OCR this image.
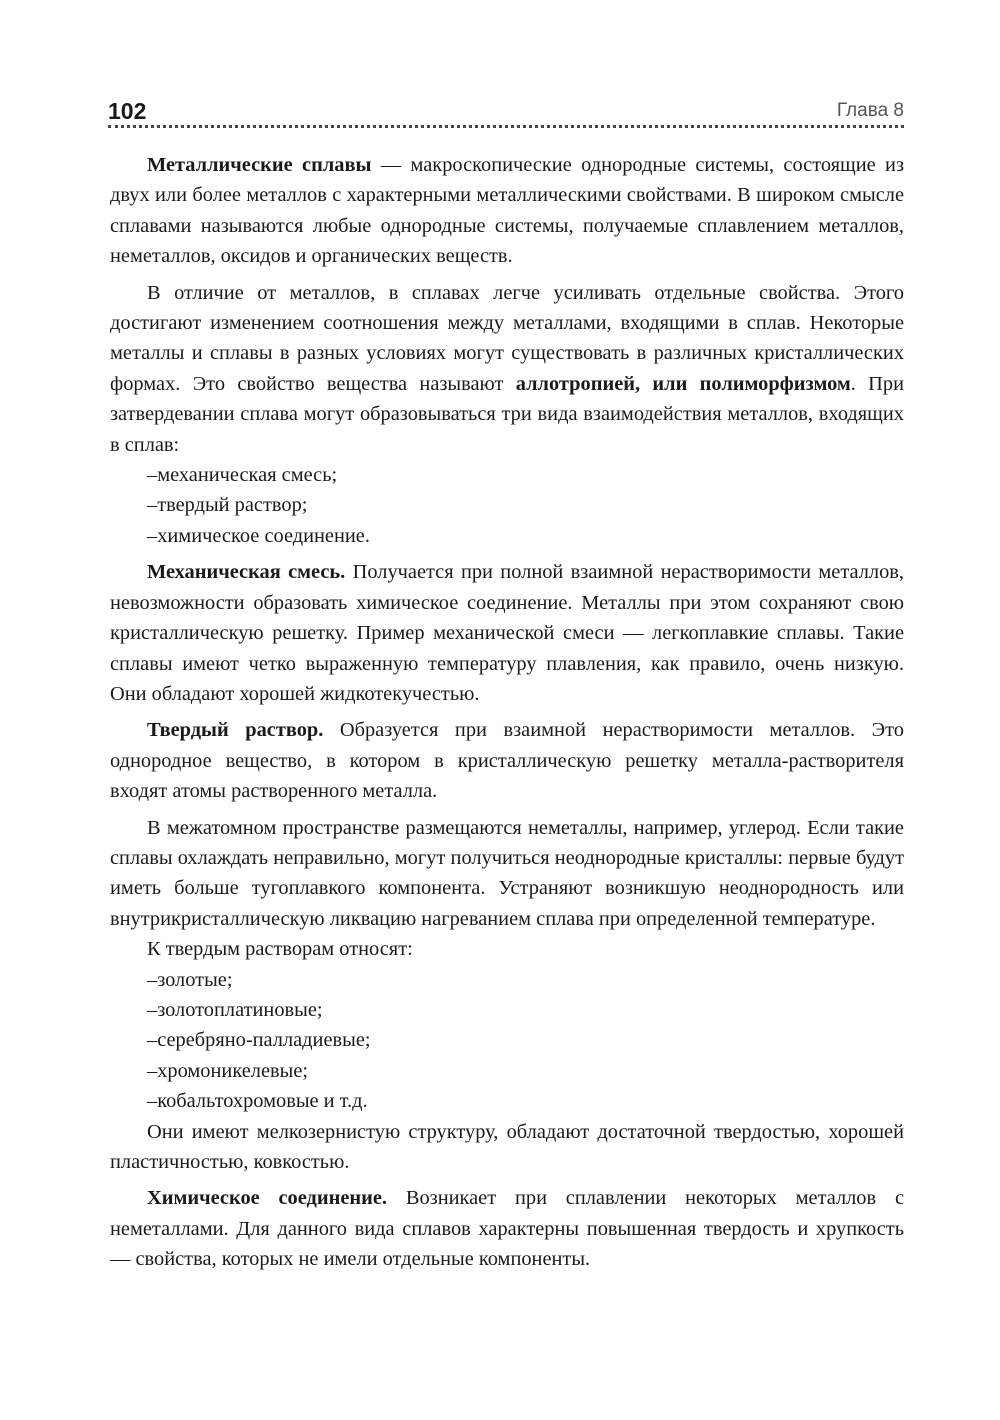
102	Глава 8

Металлические сплавы — макроскопические однородные системы, состоящие из двух или более металлов с характерными металлическими свойствами. В широком смысле сплавами называются любые однородные системы, получаемые сплавлением металлов, неметаллов, оксидов и органических веществ.

В отличие от металлов, в сплавах легче усиливать отдельные свойства. Этого достигают изменением соотношения между металлами, входящими в сплав. Некоторые металлы и сплавы в разных условиях могут существовать в различных кристаллических формах. Это свойство вещества называют аллотропией, или полиморфизмом. При затвердевании сплава могут образовываться три вида взаимодействия металлов, входящих в сплав:

–механическая смесь;

–твердый раствор;

–химическое соединение.

Механическая смесь. Получается при полной взаимной нерастворимости металлов, невозможности образовать химическое соединение. Металлы при этом сохраняют свою кристаллическую решетку. Пример механической смеси — легкоплавкие сплавы. Такие сплавы имеют четко выраженную температуру плавления, как правило, очень низкую. Они обладают хорошей жидкотекучестью.

Твердый раствор. Образуется при взаимной нерастворимости металлов. Это однородное вещество, в котором в кристаллическую решетку металла-растворителя входят атомы растворенного металла.

В межатомном пространстве размещаются неметаллы, например, углерод. Если такие сплавы охлаждать неправильно, могут получиться неоднородные кристаллы: первые будут иметь больше тугоплавкого компонента. Устраняют возникшую неоднородность или внутрикристаллическую ликвацию нагреванием сплава при определенной температуре.

К твердым растворам относят:

–золотые;

–золотоплатиновые;

–серебряно-палладиевые;

–хромоникелевые;

–кобальтохромовые и т.д.

Они имеют мелкозернистую структуру, обладают достаточной твердостью, хорошей пластичностью, ковкостью.

Химическое соединение. Возникает при сплавлении некоторых металлов с неметаллами. Для данного вида сплавов характерны повышенная твердость и хрупкость — свойства, которых не имели отдельные компоненты.
